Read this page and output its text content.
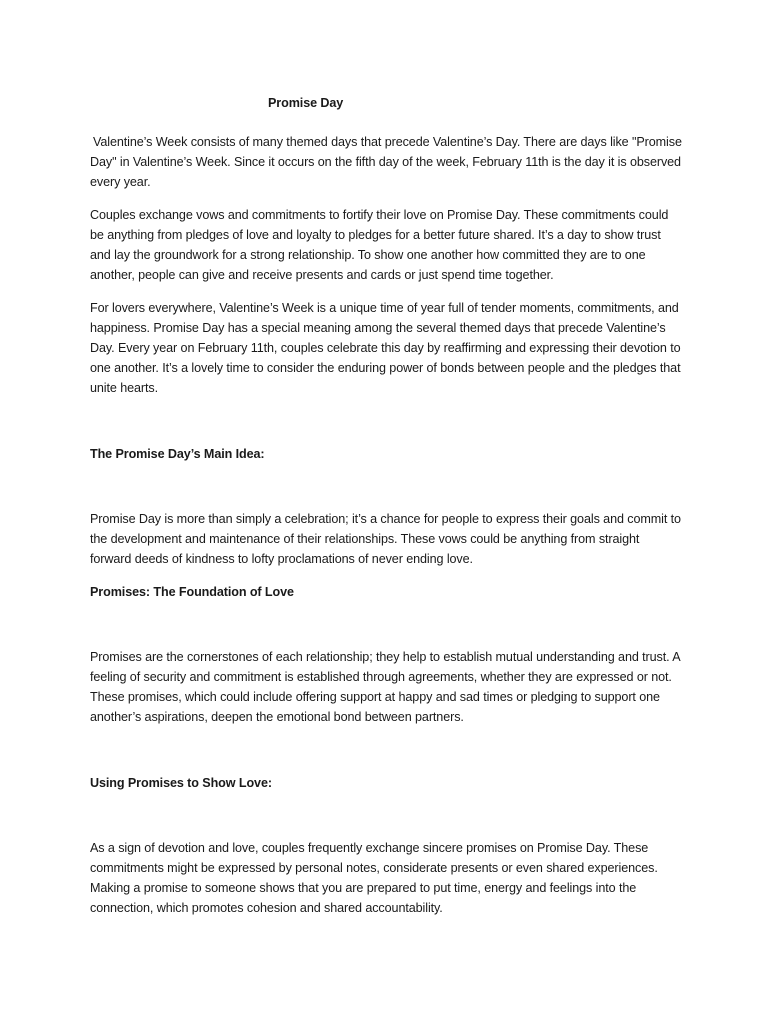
Promise Day

Valentine’s Week consists of many themed days that precede Valentine’s Day. There are days like "Promise Day" in Valentine’s Week. Since it occurs on the fifth day of the week, February 11th is the day it is observed every year.

Couples exchange vows and commitments to fortify their love on Promise Day. These commitments could be anything from pledges of love and loyalty to pledges for a better future shared. It’s a day to show trust and lay the groundwork for a strong relationship. To show one another how committed they are to one another, people can give and receive presents and cards or just spend time together.

For lovers everywhere, Valentine’s Week is a unique time of year full of tender moments, commitments, and happiness. Promise Day has a special meaning among the several themed days that precede Valentine’s Day. Every year on February 11th, couples celebrate this day by reaffirming and expressing their devotion to one another. It’s a lovely time to consider the enduring power of bonds between people and the pledges that unite hearts.

The Promise Day’s Main Idea:

Promise Day is more than simply a celebration; it’s a chance for people to express their goals and commit to the development and maintenance of their relationships. These vows could be anything from straight forward deeds of kindness to lofty proclamations of never ending love.

Promises: The Foundation of Love

Promises are the cornerstones of each relationship; they help to establish mutual understanding and trust. A feeling of security and commitment is established through agreements, whether they are expressed or not. These promises, which could include offering support at happy and sad times or pledging to support one another’s aspirations, deepen the emotional bond between partners.

Using Promises to Show Love:

As a sign of devotion and love, couples frequently exchange sincere promises on Promise Day. These commitments might be expressed by personal notes, considerate presents or even shared experiences. Making a promise to someone shows that you are prepared to put time, energy and feelings into the connection, which promotes cohesion and shared accountability.
